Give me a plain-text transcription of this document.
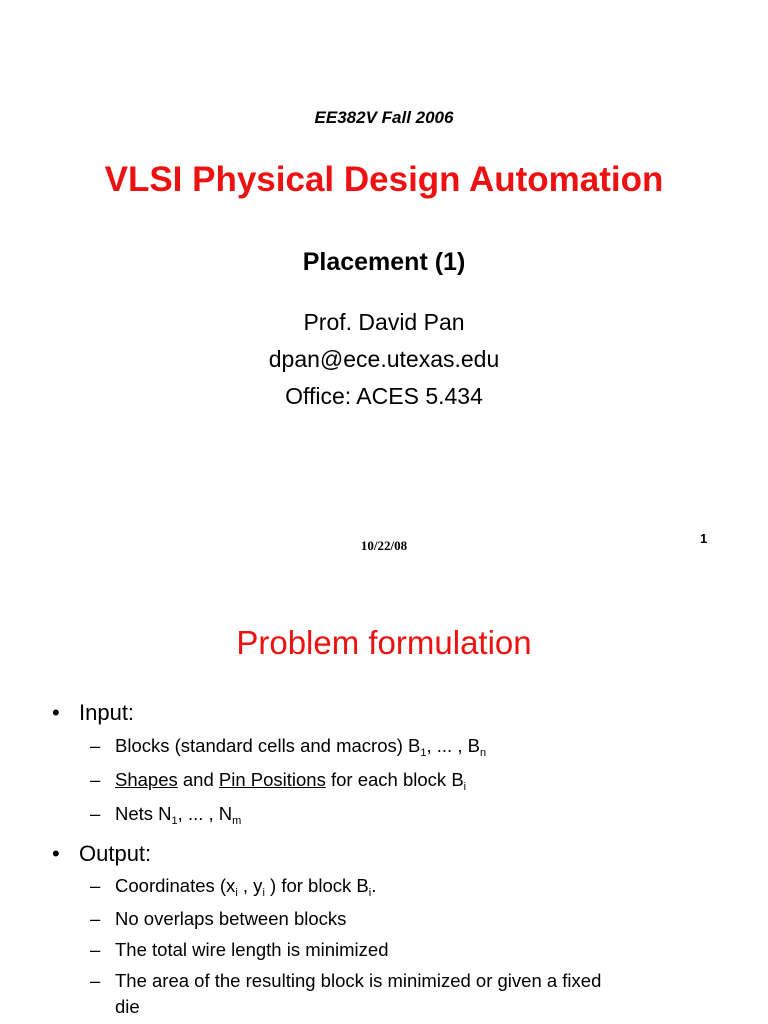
EE382V Fall 2006
VLSI Physical Design Automation
Placement (1)
Prof. David Pan
dpan@ece.utexas.edu
Office: ACES 5.434
10/22/08	1
Problem formulation
• Input:
– Blocks (standard cells and macros) $B_1$, ... , $B_n$
– Shapes and Pin Positions for each block $B_i$
– Nets $N_1$, ... , $N_m$
• Output:
– Coordinates ($x_i$ , $y_i$ ) for block $B_i$.
– No overlaps between blocks
– The total wire length is minimized
– The area of the resulting block is minimized or given a fixed
die
